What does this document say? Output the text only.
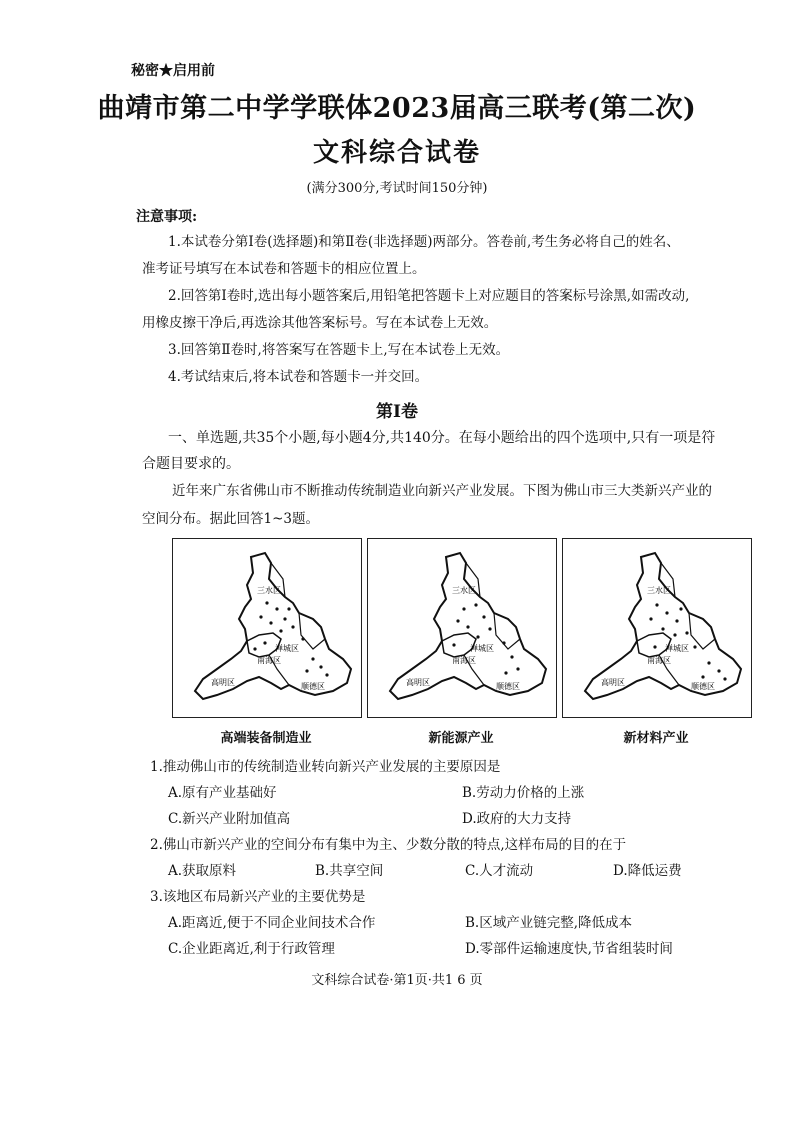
秘密★启用前
曲靖市第二中学学联体2023届高三联考(第二次)
文科综合试卷
(满分300分,考试时间150分钟)
注意事项:
1.本试卷分第Ⅰ卷(选择题)和第Ⅱ卷(非选择题)两部分。答卷前,考生务必将自己的姓名、
准考证号填写在本试卷和答题卡的相应位置上。
2.回答第Ⅰ卷时,选出每小题答案后,用铅笔把答题卡上对应题目的答案标号涂黑,如需改动,
用橡皮擦干净后,再选涂其他答案标号。写在本试卷上无效。
3.回答第Ⅱ卷时,将答案写在答题卡上,写在本试卷上无效。
4.考试结束后,将本试卷和答题卡一并交回。
第Ⅰ卷
一、单选题,共35个小题,每小题4分,共140分。在每小题给出的四个选项中,只有一项是符
合题目要求的。
近年来广东省佛山市不断推动传统制造业向新兴产业发展。下图为佛山市三大类新兴产业的
空间分布。据此回答1~3题。
三水区
禅城区
南海区
高明区	顺德区
三水区
禅城区
南海区
高明区	顺德区
三水区
禅城区
南海区
高明区	顺德区
高端装备制造业	新能源产业	新材料产业
1.推动佛山市的传统制造业转向新兴产业发展的主要原因是
A.原有产业基础好	B.劳动力价格的上涨
C.新兴产业附加值高	D.政府的大力支持
2.佛山市新兴产业的空间分布有集中为主、少数分散的特点,这样布局的目的在于
A.获取原料	B.共享空间	C.人才流动	D.降低运费
3.该地区布局新兴产业的主要优势是
A.距离近,便于不同企业间技术合作	B.区域产业链完整,降低成本
C.企业距离近,利于行政管理	D.零部件运输速度快,节省组装时间
文科综合试卷·第1页·共1 6 页
